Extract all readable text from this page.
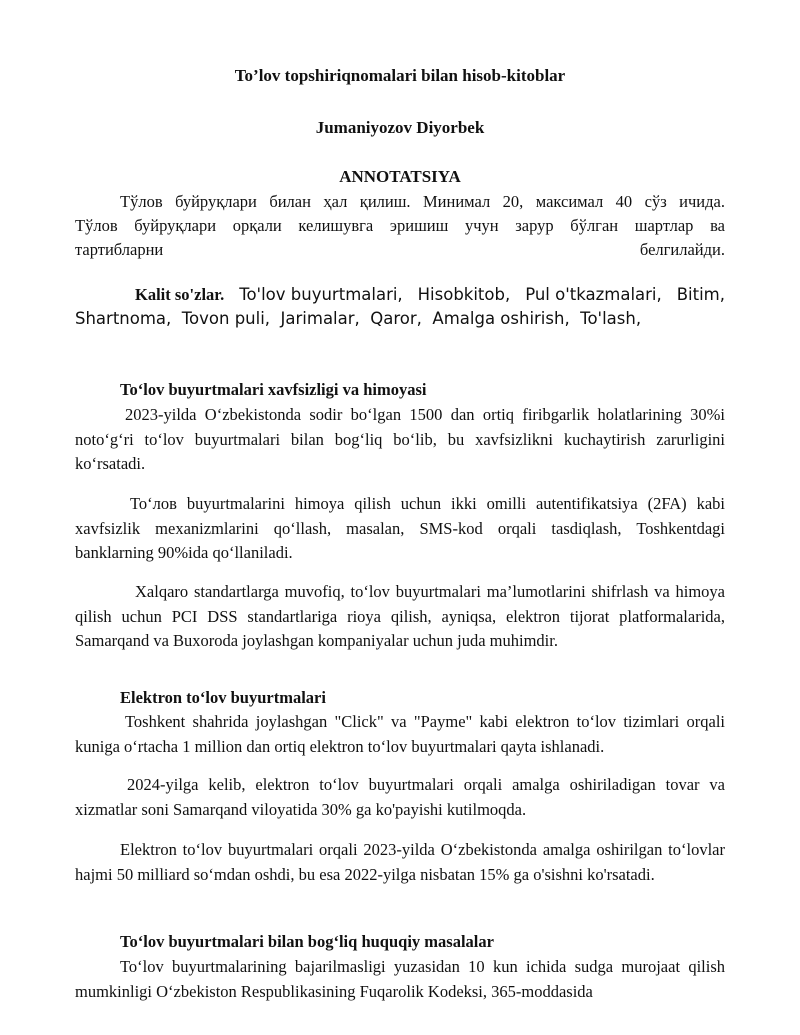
To’lov topshiriqnomalari bilan hisob-kitoblar
Jumaniyozov Diyorbek
ANNOTATSIYA
Тўлов буйруқлари билан ҳал қилиш. Минимал 20, максимал 40 сўз ичида.
Тўлов буйруқлари орқали келишувга эришиш учун зарур бўлган шартлар ва
тартибларни	белгилайди.
Kalit so'zlar. To'lov buyurtmalari, Hisobkitob, Pul o'tkazmalari, Bitim,
Shartnoma,  Tovon puli,  Jarimalar,  Qaror,  Amalga oshirish,  To'lash,
To‘lov buyurtmalari xavfsizligi va himoyasi
2023-yilda O‘zbekistonda sodir bo‘lgan 1500 dan ortiq firibgarlik holatlarining 30%i noto‘g‘ri to‘lov buyurtmalari bilan bog‘liq bo‘lib, bu xavfsizlikni kuchaytirish zarurligini ko‘rsatadi.
To‘лов buyurtmalarini himoya qilish uchun ikki omilli autentifikatsiya (2FA) kabi xavfsizlik mexanizmlarini qo‘llash, masalan, SMS-kod orqali tasdiqlash, Toshkentdagi banklarning 90%ida qo‘llaniladi.
Xalqaro standartlarga muvofiq, to‘lov buyurtmalari ma’lumotlarini shifrlash va himoya qilish uchun PCI DSS standartlariga rioya qilish, ayniqsa, elektron tijorat platformalarida, Samarqand va Buxoroda joylashgan kompaniyalar uchun juda muhimdir.
Elektron to‘lov buyurtmalari
Toshkent shahrida joylashgan "Click" va "Payme" kabi elektron to‘lov tizimlari orqali kuniga o‘rtacha 1 million dan ortiq elektron to‘lov buyurtmalari qayta ishlanadi.
2024-yilga kelib, elektron to‘lov buyurtmalari orqali amalga oshiriladigan tovar va xizmatlar soni Samarqand viloyatida 30% ga ko'payishi kutilmoqda.
Elektron to‘lov buyurtmalari orqali 2023-yilda O‘zbekistonda amalga oshirilgan to‘lovlar hajmi 50 milliard so‘mdan oshdi, bu esa 2022-yilga nisbatan 15% ga o'sishni ko'rsatadi.
To‘lov buyurtmalari bilan bog‘liq huquqiy masalalar
To‘lov buyurtmalarining bajarilmasligi yuzasidan 10 kun ichida sudga murojaat qilish mumkinligi O‘zbekiston Respublikasining Fuqarolik Kodeksi, 365-moddasida
